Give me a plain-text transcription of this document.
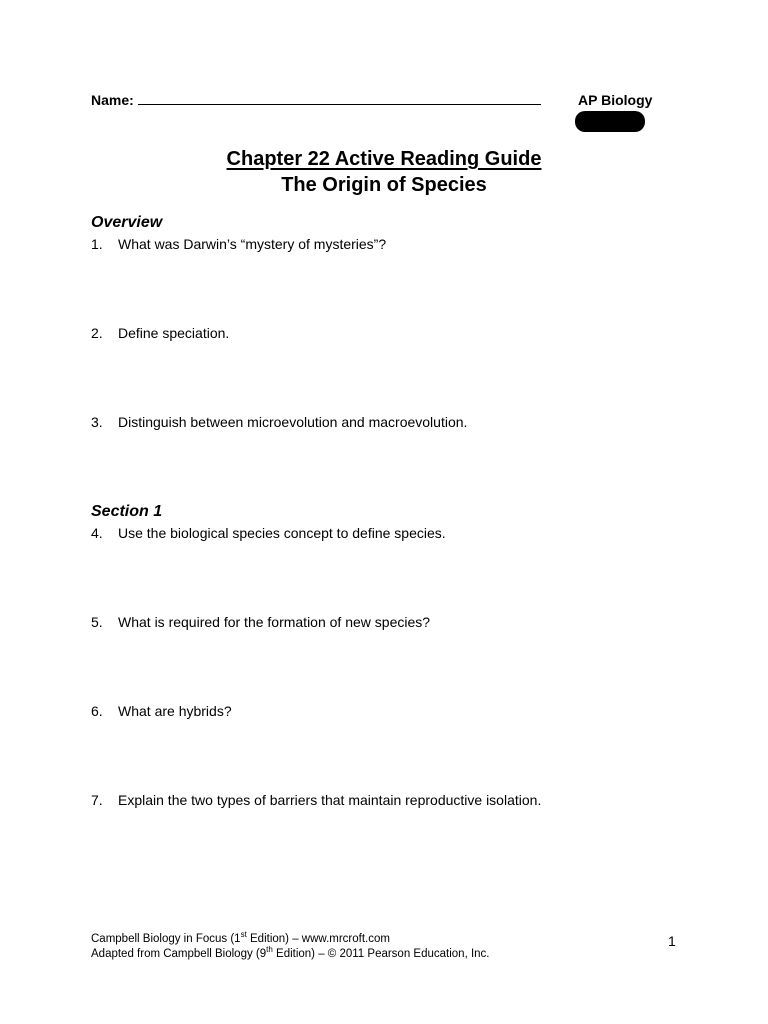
Name:	AP Biology
Chapter 22 Active Reading Guide
The Origin of Species
Overview
1. What was Darwin’s “mystery of mysteries”?
2. Define speciation.
3. Distinguish between microevolution and macroevolution.
Section 1
4. Use the biological species concept to define species.
5. What is required for the formation of new species?
6. What are hybrids?
7. Explain the two types of barriers that maintain reproductive isolation.
Campbell Biology in Focus (1st Edition) – www.mrcroft.com
Adapted from Campbell Biology (9th Edition) – © 2011 Pearson Education, Inc.
1
